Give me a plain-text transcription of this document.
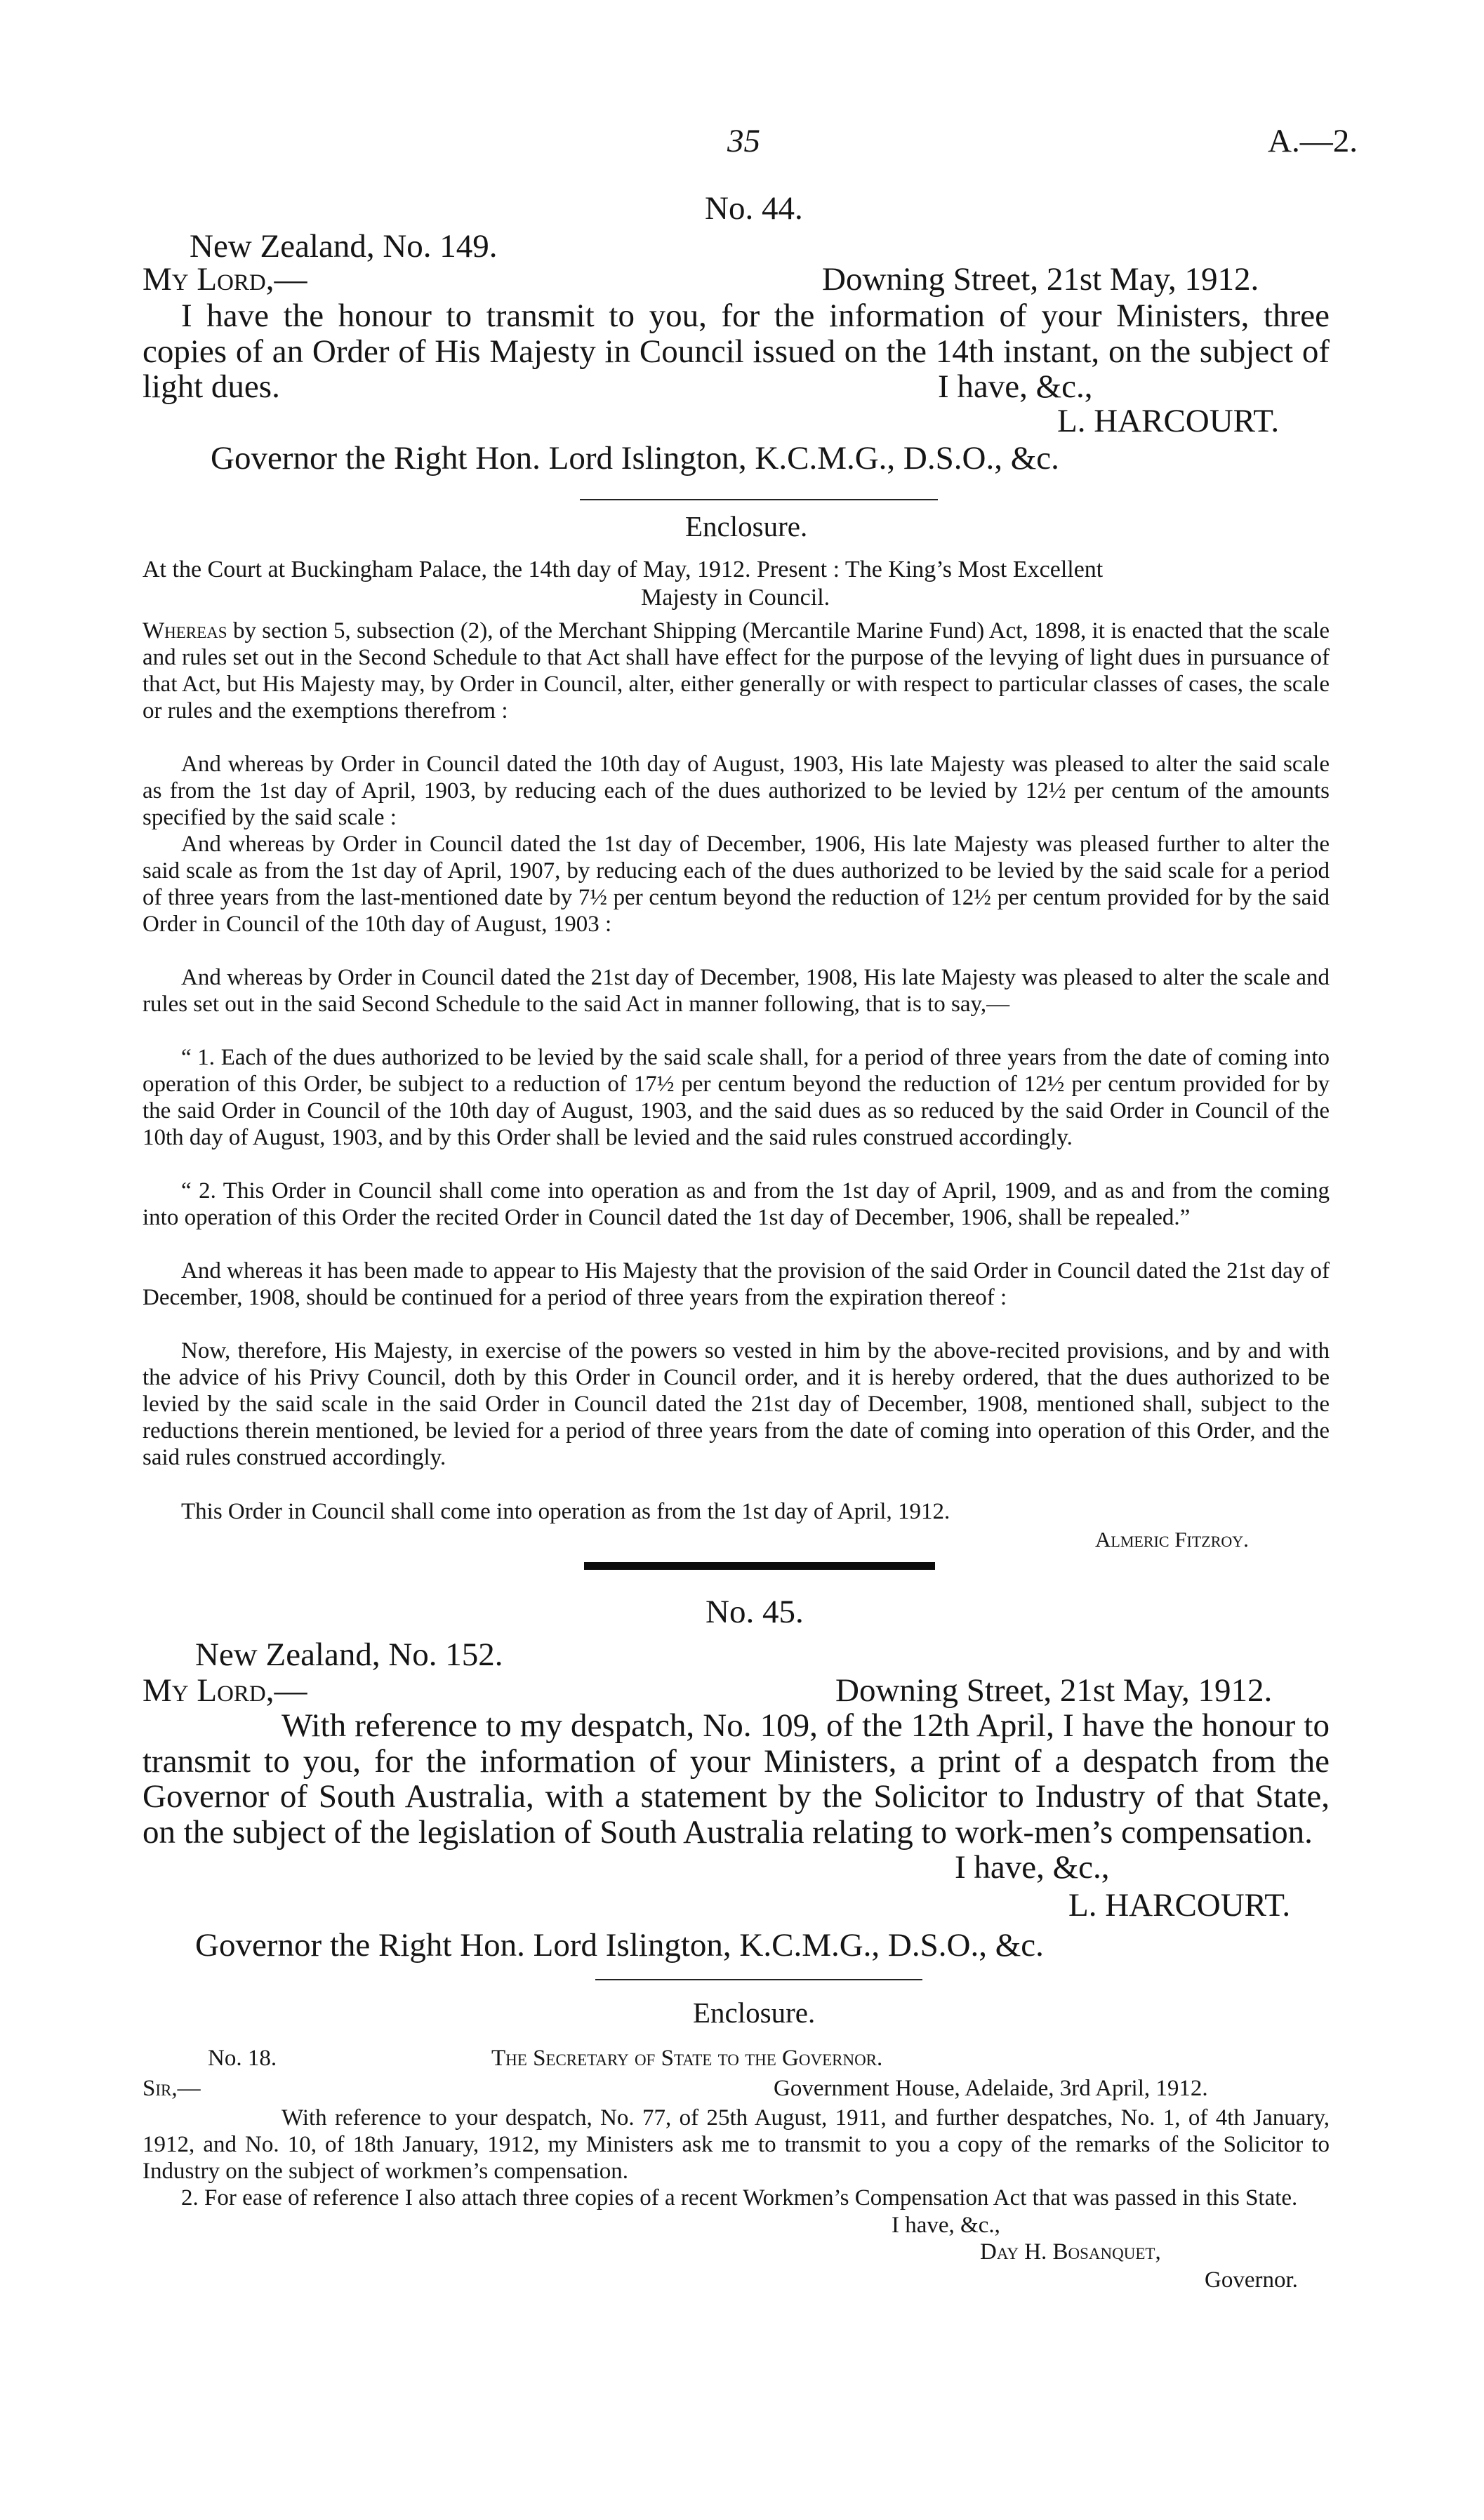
35	A.—2.
No. 44.
New Zealand, No. 149.
My Lord,—	Downing Street, 21st May, 1912.
I have the honour to transmit to you, for the information of your Ministers, three copies of an Order of His Majesty in Council issued on the 14th instant, on the subject of light dues.	I have, &c.,
L. HARCOURT.
Governor the Right Hon. Lord Islington, K.C.M.G., D.S.O., &c.
Enclosure.
At the Court at Buckingham Palace, the 14th day of May, 1912. Present : The King’s Most Excellent
Majesty in Council.
Whereas by section 5, subsection (2), of the Merchant Shipping (Mercantile Marine Fund) Act, 1898, it is enacted that the scale and rules set out in the Second Schedule to that Act shall have effect for the purpose of the levying of light dues in pursuance of that Act, but His Majesty may, by Order in Council, alter, either generally or with respect to particular classes of cases, the scale or rules and the exemptions therefrom :
And whereas by Order in Council dated the 10th day of August, 1903, His late Majesty was pleased to alter the said scale as from the 1st day of April, 1903, by reducing each of the dues authorized to be levied by 12½ per centum of the amounts specified by the said scale :
And whereas by Order in Council dated the 1st day of December, 1906, His late Majesty was pleased further to alter the said scale as from the 1st day of April, 1907, by reducing each of the dues authorized to be levied by the said scale for a period of three years from the last-mentioned date by 7½ per centum beyond the reduction of 12½ per centum provided for by the said Order in Council of the 10th day of August, 1903 :
And whereas by Order in Council dated the 21st day of December, 1908, His late Majesty was pleased to alter the scale and rules set out in the said Second Schedule to the said Act in manner following, that is to say,—
“ 1. Each of the dues authorized to be levied by the said scale shall, for a period of three years from the date of coming into operation of this Order, be subject to a reduction of 17½ per centum beyond the reduction of 12½ per centum provided for by the said Order in Council of the 10th day of August, 1903, and the said dues as so reduced by the said Order in Council of the 10th day of August, 1903, and by this Order shall be levied and the said rules construed accordingly.
“ 2. This Order in Council shall come into operation as and from the 1st day of April, 1909, and as and from the coming into operation of this Order the recited Order in Council dated the 1st day of December, 1906, shall be repealed.”
And whereas it has been made to appear to His Majesty that the provision of the said Order in Council dated the 21st day of December, 1908, should be continued for a period of three years from the expiration thereof :
Now, therefore, His Majesty, in exercise of the powers so vested in him by the above-recited provisions, and by and with the advice of his Privy Council, doth by this Order in Council order, and it is hereby ordered, that the dues authorized to be levied by the said scale in the said Order in Council dated the 21st day of December, 1908, mentioned shall, subject to the reductions therein mentioned, be levied for a period of three years from the date of coming into operation of this Order, and the said rules construed accordingly.
This Order in Council shall come into operation as from the 1st day of April, 1912.
Almeric Fitzroy.
No. 45.
New Zealand, No. 152.
My Lord,—	Downing Street, 21st May, 1912.
With reference to my despatch, No. 109, of the 12th April, I have the honour to transmit to you, for the information of your Ministers, a print of a despatch from the Governor of South Australia, with a statement by the Solicitor to Industry of that State, on the subject of the legislation of South Australia relating to work-men’s compensation.
I have, &c.,
L. HARCOURT.
Governor the Right Hon. Lord Islington, K.C.M.G., D.S.O., &c.
Enclosure.
No. 18.	The Secretary of State to the Governor.
Sir,—	Government House, Adelaide, 3rd April, 1912.
With reference to your despatch, No. 77, of 25th August, 1911, and further despatches, No. 1, of 4th January, 1912, and No. 10, of 18th January, 1912, my Ministers ask me to transmit to you a copy of the remarks of the Solicitor to Industry on the subject of workmen’s compensation.
2. For ease of reference I also attach three copies of a recent Workmen’s Compensation Act that was passed in this State.
I have, &c.,
Day H. Bosanquet,
Governor.
